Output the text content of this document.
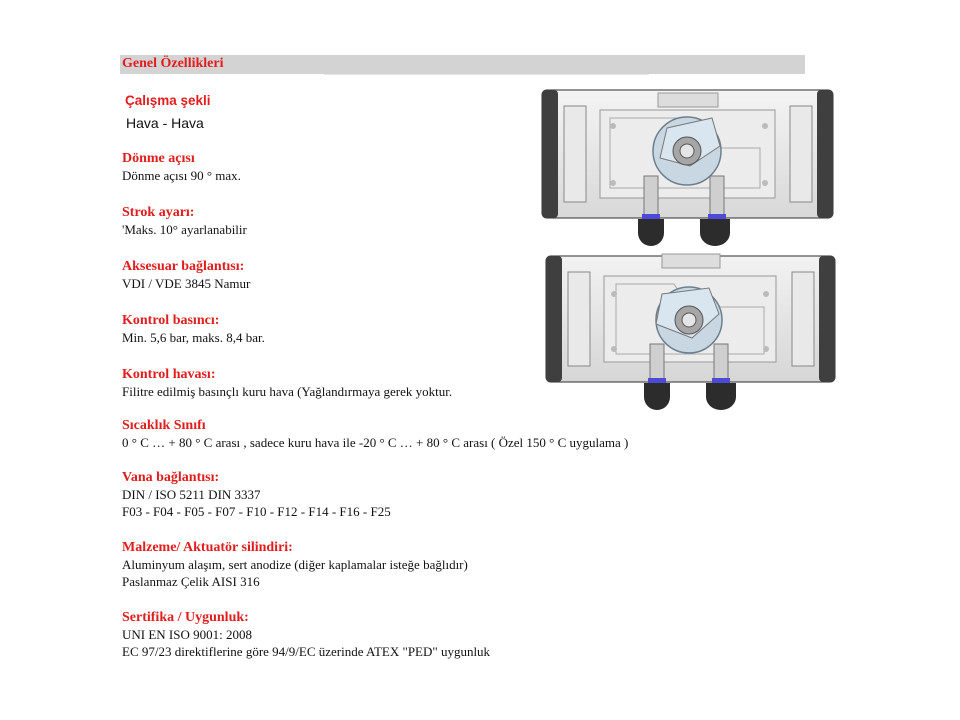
Genel Özellikleri
Çalışma şekli
Hava - Hava
Dönme açısı
Dönme açısı 90 ° max.
Strok ayarı:
'Maks. 10° ayarlanabilir
Aksesuar bağlantısı:
VDI / VDE 3845 Namur
Kontrol basıncı:
Min. 5,6 bar, maks. 8,4 bar.
Kontrol havası:
Filitre edilmiş basınçlı kuru hava (Yağlandırmaya gerek yoktur.
Sıcaklık Sınıfı
0 ° C … + 80 ° C arası , sadece kuru hava ile -20 ° C … + 80 ° C arası ( Özel 150 ° C uygulama )
Vana bağlantısı:
DIN / ISO 5211 DIN 3337
F03 - F04 - F05 - F07 - F10 - F12 - F14 - F16 - F25
Malzeme/ Aktuatör silindiri:
Aluminyum alaşım, sert anodize (diğer kaplamalar isteğe bağlıdır)
Paslanmaz Çelik AISI 316
Sertifika / Uygunluk:
UNI EN ISO 9001: 2008
EC 97/23 direktiflerine göre 94/9/EC üzerinde ATEX "PED" uygunluk
